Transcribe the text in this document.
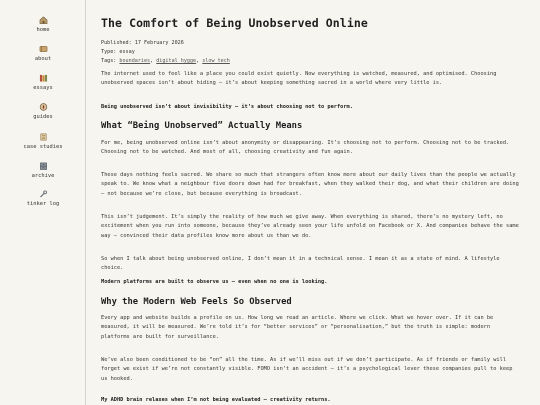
home
about
essays
guides
case studies
archive
tinker log
The Comfort of Being Unobserved Online
Published: 17 February 2026
Type: essay
Tags: boundaries, digital hygge, slow tech

The internet used to feel like a place you could exist quietly. Now everything is watched, measured, and optimised. Choosing unobserved spaces isn’t about hiding – it’s about keeping something sacred in a world where very little is.

Being unobserved isn’t about invisibility – it’s about choosing not to perform.

What “Being Unobserved” Actually Means

For me, being unobserved online isn’t about anonymity or disappearing. It’s choosing not to perform. Choosing not to be tracked. Choosing not to be watched. And most of all, choosing creativity and fun again.

These days nothing feels sacred. We share so much that strangers often know more about our daily lives than the people we actually speak to. We know what a neighbour five doors down had for breakfast, when they walked their dog, and what their children are doing – not because we’re close, but because everything is broadcast.

This isn’t judgement. It’s simply the reality of how much we give away. When everything is shared, there’s no mystery left, no excitement when you run into someone, because they’ve already seen your life unfold on Facebook or X. And companies behave the same way – convinced their data profiles know more about us than we do.

So when I talk about being unobserved online, I don’t mean it in a technical sense. I mean it as a state of mind. A lifestyle choice.

Modern platforms are built to observe us – even when no one is looking.

Why the Modern Web Feels So Observed

Every app and website builds a profile on us. How long we read an article. Where we click. What we hover over. If it can be measured, it will be measured. We’re told it’s for “better services” or “personalisation,” but the truth is simple: modern platforms are built for surveillance.

We’ve also been conditioned to be “on” all the time. As if we’ll miss out if we don’t participate. As if friends or family will forget we exist if we’re not constantly visible. FOMO isn’t an accident – it’s a psychological lever these companies pull to keep us hooked.

My ADHD brain relaxes when I’m not being evaluated – creativity returns.
